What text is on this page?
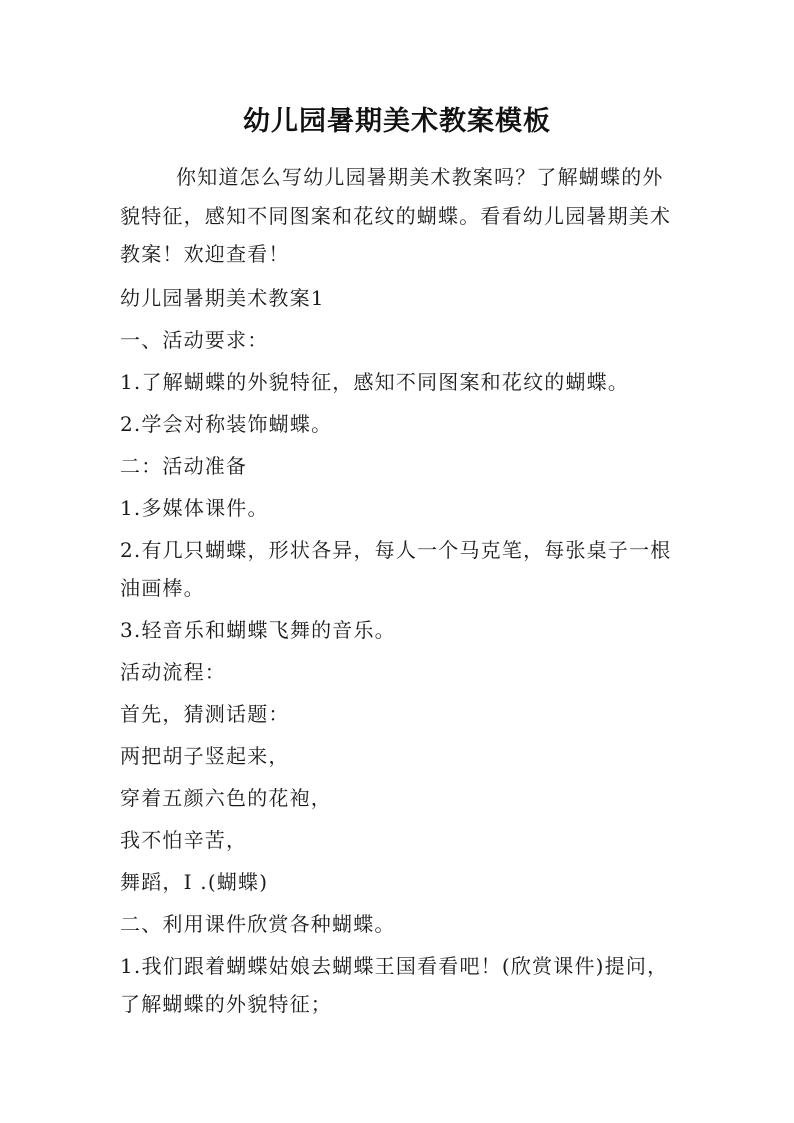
幼儿园暑期美术教案模板

你知道怎么写幼儿园暑期美术教案吗？了解蝴蝶的外貌特征，感知不同图案和花纹的蝴蝶。看看幼儿园暑期美术教案！欢迎查看！

幼儿园暑期美术教案1
一、活动要求：
1.了解蝴蝶的外貌特征，感知不同图案和花纹的蝴蝶。
2.学会对称装饰蝴蝶。
二：活动准备
1.多媒体课件。
2.有几只蝴蝶，形状各异，每人一个马克笔，每张桌子一根
油画棒。
3.轻音乐和蝴蝶飞舞的音乐。
活动流程：
首先，猜测话题：
两把胡子竖起来，
穿着五颜六色的花袍，
我不怕辛苦，
舞蹈，I .(蝴蝶)
二、利用课件欣赏各种蝴蝶。
1.我们跟着蝴蝶姑娘去蝴蝶王国看看吧！(欣赏课件)提问，
了解蝴蝶的外貌特征；
